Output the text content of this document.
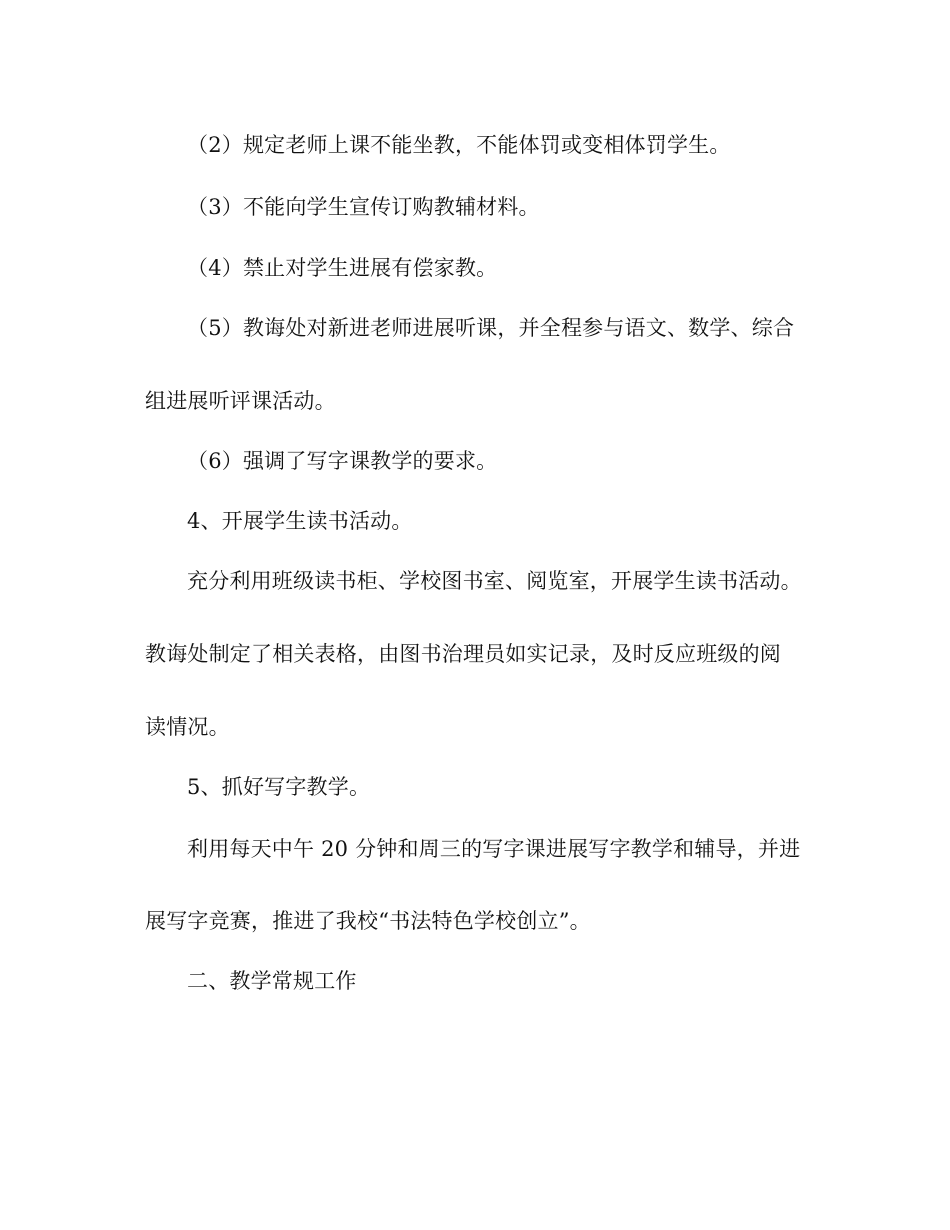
（2）规定老师上课不能坐教，不能体罚或变相体罚学生。
（3）不能向学生宣传订购教辅材料。
（4）禁止对学生进展有偿家教。
（5）教诲处对新进老师进展听课，并全程参与语文、数学、综合
组进展听评课活动。
（6）强调了写字课教学的要求。
4、开展学生读书活动。
充分利用班级读书柜、学校图书室、阅览室，开展学生读书活动。
教诲处制定了相关表格，由图书治理员如实记录，及时反应班级的阅
读情况。
5、抓好写字教学。
利用每天中午 20 分钟和周三的写字课进展写字教学和辅导，并进
展写字竞赛，推进了我校“书法特色学校创立”。
二、教学常规工作
